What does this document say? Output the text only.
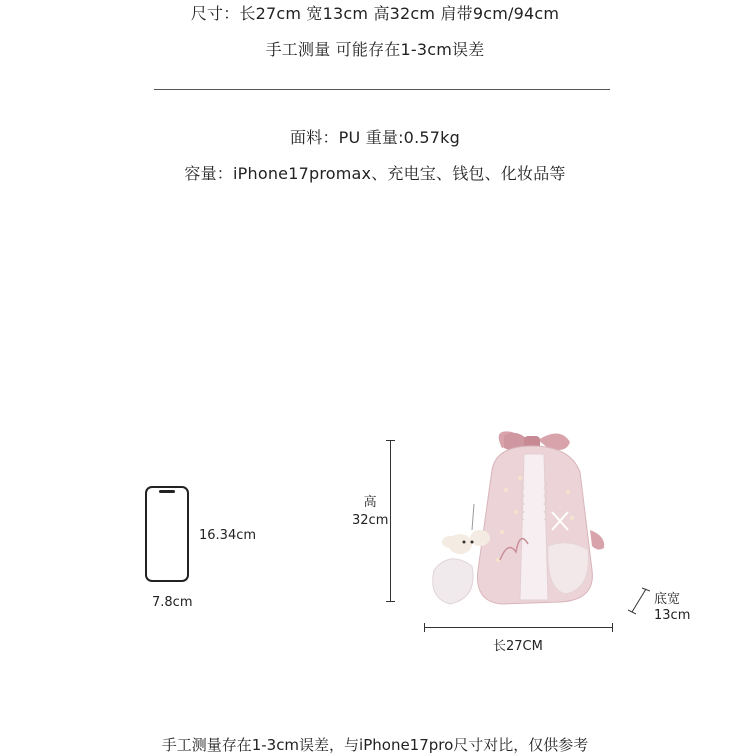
尺寸：长27cm 宽13cm 高32cm 肩带9cm/94cm
手工测量 可能存在1-3cm误差
面料：PU 重量:0.57kg
容量：iPhone17promax、充电宝、钱包、化妆品等
16.34cm
7.8cm
高
32cm
长27CM
底宽
13cm
手工测量存在1-3cm误差，与iPhone17pro尺寸对比，仅供参考
